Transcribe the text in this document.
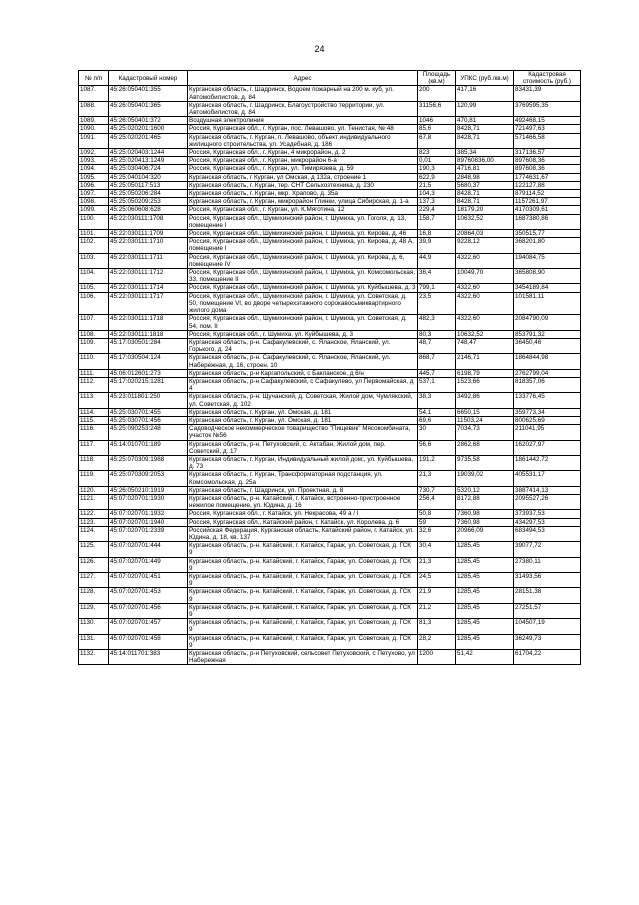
24
№ п/п	Кадастровый номер	Адрес	Площадь (кв.м)	УПКС (руб./кв.м)	Кадастровая стоимость (руб.)
1087.	45:26:050401:355	Курганская область, г. Шадринск, Водоем пожарный на 200 м. куб, ул. Автомобилистов, д. 84	200	417,16	83431,39
1088.	45:26:050401:365	Курганская область, г. Шадринск, Благоустройство территории, ул. Автомобилистов, д. 84	31156,6	120,99	3769595,35
1089.	45:26:050401:372	Воздушная электролиния	1046	470,81	492468,15
1090.	45:25:020201:1600	Россия, Курганская обл., г. Курган, пос. Левашово, ул. Тенистая, № 48	85,6	8428,71	721497,63
1091.	45:25:020201:465	Курганская область, г. Курган, п. Левашово, объект индивидуального жилищного строительства, ул. Усадебная, д. 186	67,8	8428,71	571466,58
1092.	45:25:020403:1244	Россия, Курганская обл., г. Курган, 4 микрорайон, д. 2	823	385,34	317136,57
1093.	45:25:020413:1249	Россия, Курганская обл., г. Курган, микрорайон 6-а	0,01	89760836,00	897608,36
1094.	45:25:030406:724	Россия, Курганская обл., г. Курган, ул. Тимирязева, д. 59	190,3	4716,81	897608,36
1095.	45:25:040104:320	Курганская область, г Курган, ул Омская, д 132а, строение 1	622,9	2848,98	1774631,67
1096.	45:25:050117:513	Курганская область, г. Курган, тер. СНТ Сельхозтехника, д. 230	21,5	5680,37	122127,88
1097.	45:25:050206:284	Курганская область, г. Курган, мкр. Храпово, д. 35а	104,3	8428,71	879114,52
1098.	45:25:050209:253	Курганская область, г. Курган, микрорайон Глинки, улица Сибирская, д. 1-а	137,3	8428,71	1157261,97
1099.	45:25:060608:628	Россия, Курганская обл., г. Курган, ул. К.Мяготина, 12	229,4	18179,20	4170309,61
1100.	45:22:030111:1708	Россия, Курганская обл., Шумихинский район, г. Шумиха, ул. Гоголя, д. 13, помещение I	158,7	10632,52	1687380,86
1101.	45:22:030111:1709	Россия, Курганская обл., Шумихинский район, г. Шумиха, ул. Кирова, д. 46	16,8	20864,03	350515,77
1102.	45:22:030111:1710	Россия, Курганская обл., Шумихинский район, г. Шумиха, ул. Кирова, д. 48 А, помещение I	39,9	9228,12	368201,80
1103.	45:22:030111:1711	Россия, Курганская обл., Шумихинский район, г. Шумиха, ул. Кирова, д. 6, помещение IV	44,9	4322,60	194084,75
1104.	45:22:030111:1712	Россия, Курганская обл., Шумихинский район, г. Шумиха, ул. Комсомольская, 33, помещение II	36,4	10049,70	365808,90
1105.	45:22:030111:1714	Россия, Курганская обл., Шумихинский район, г. Шумиха, ул. Куйбышева, д. 3	799,1	4322,60	3454189,84
1106.	45:22:030111:1717	Россия, Курганская обл., Шумихинский район, г. Шумиха, ул. Советская, д. 50, помещение VI, во дворе четырехэтажного сорокавосьмиквартирного жилого дома	23,5	4322,60	101581,11
1107.	45:22:030111:1718	Россия, Курганская обл., Шумихинский район, г. Шумиха, ул. Советская, д. 54, пом. II	482,3	4322,60	2084790,09
1108.	45:22:030111:1818	Россия, Курганская обл., г. Шумиха, ул. Куйбышева, д. 3	80,3	10632,52	853791,32
1109.	45:17:030501:284	Курганская область, р-н. Сафакулевский, с. Яланское, Яланский, ул. Горького, д. 24	48,7	748,47	36450,46
1110.	45:17:030504:124	Курганская область, р-н. Сафакулевский, с. Яланское, Яланский, ул. Набережная, д. 16, строен. 10	868,7	2146,71	1864844,98
1111.	45:06:012601:273	Курганская область, р-н Каргапольский, с Бакланское, д 6/н	445,7	6198,79	2762799,04
1112.	45:17:020215:1281	Курганская область, р-н Сафакулевский, с Сафакулево, ул Первомайская, д 4	537,1	1523,66	818357,06
1113.	45:23:011801:250	Курганская область, р-н. Щучанский, д. Советская, Жилой дом, Чумлякский, ул. Советская, д. 102	38,3	3492,86	133776,45
1114.	45:25:030701:455	Курганская область, г. Курган, ул. Омская, д. 181	54,1	6650,15	359773,34
1115.	45:25:030701:456	Курганская область, г. Курган, ул. Омская, д. 181	69,6	11503,24	800625,69
1116.	45:25:090253:248	Садоводческое некоммерческое товарищество "Пищевик" Мясокомбината, участок №56	30	7034,73	211041,95
1117.	45:14:010701:189	Курганская область, р-н. Петуховский, с. Актабан, Жилой дом, пер. Советский, д. 17	56,6	2862,68	162027,97
1118.	45:25:070309:1988	Курганская область, г. Курган, Индивидуальный жилой дом;, ул. Куйбышева, д. 73	191,2	9735,58	1861442,72
1119.	45:25:070309:2053	Курганская область, г. Курган, Трансформаторная подстанция, ул. Комсомольская, д. 25а	21,3	19039,02	405531,17
1120.	45:26:050210:1919	Курганская область, г. Шадринск, ул. Проектная, д. 8	730,7	5320,12	3887414,13
1121.	45:07:020701:1930	Курганская область, р-н. Катайский, г. Катайск, встроенно-пристроенное нежилое помещение, ул. Юдина, д. 16	256,4	8172,88	2095527,26
1122.	45:07:020701:1932	Россия, Курганская обл., г. Катайск, ул. Некрасова, 49 а / I	50,8	7360,98	373937,53
1123.	45:07:020701:1940	Россия, Курганская обл., Катайский район, г. Катайск, ул. Королева, д. 6	59	7360,98	434297,53
1124.	45:07:020701:2339	Российская Федерация, Курганская область, Катайский район, г. Катайск, ул. Юдина, д. 18, кв. 137	32,6	20966,09	683494,53
1125.	45:07:020701:444	Курганская область, р-н. Катайский, г. Катайск, Гараж, ул. Советская, д. ГСК 9	30,4	1285,45	39077,72
1126.	45:07:020701:449	Курганская область, р-н. Катайский, г. Катайск, Гараж, ул. Советская, д. ГСК 9	21,3	1285,45	27380,11
1127.	45:07:020701:451	Курганская область, р-н. Катайский, г. Катайск, Гараж, ул. Советская, д. ГСК 9	24,5	1285,45	31493,56
1128.	45:07:020701:453	Курганская область, р-н. Катайский, г. Катайск, Гараж, ул. Советская, д. ГСК 9	21,9	1285,45	28151,38
1129.	45:07:020701:456	Курганская область, р-н. Катайский, г. Катайск, Гараж, ул. Советская, д. ГСК 9	21,2	1285,45	27251,57
1130.	45:07:020701:457	Курганская область, р-н. Катайский, г. Катайск, Гараж, ул. Советская, д. ГСК 9	81,3	1285,45	104507,19
1131.	45:07:020701:458	Курганская область, р-н. Катайский, г. Катайск, Гараж, ул. Советская, д. ГСК 9	28,2	1285,45	36249,73
1132.	45:14:011701:383	Курганская область, р-н Петуховский, сельсовет Петуховский, с Петухово, ул Набережная	1200	51,42	61704,22
